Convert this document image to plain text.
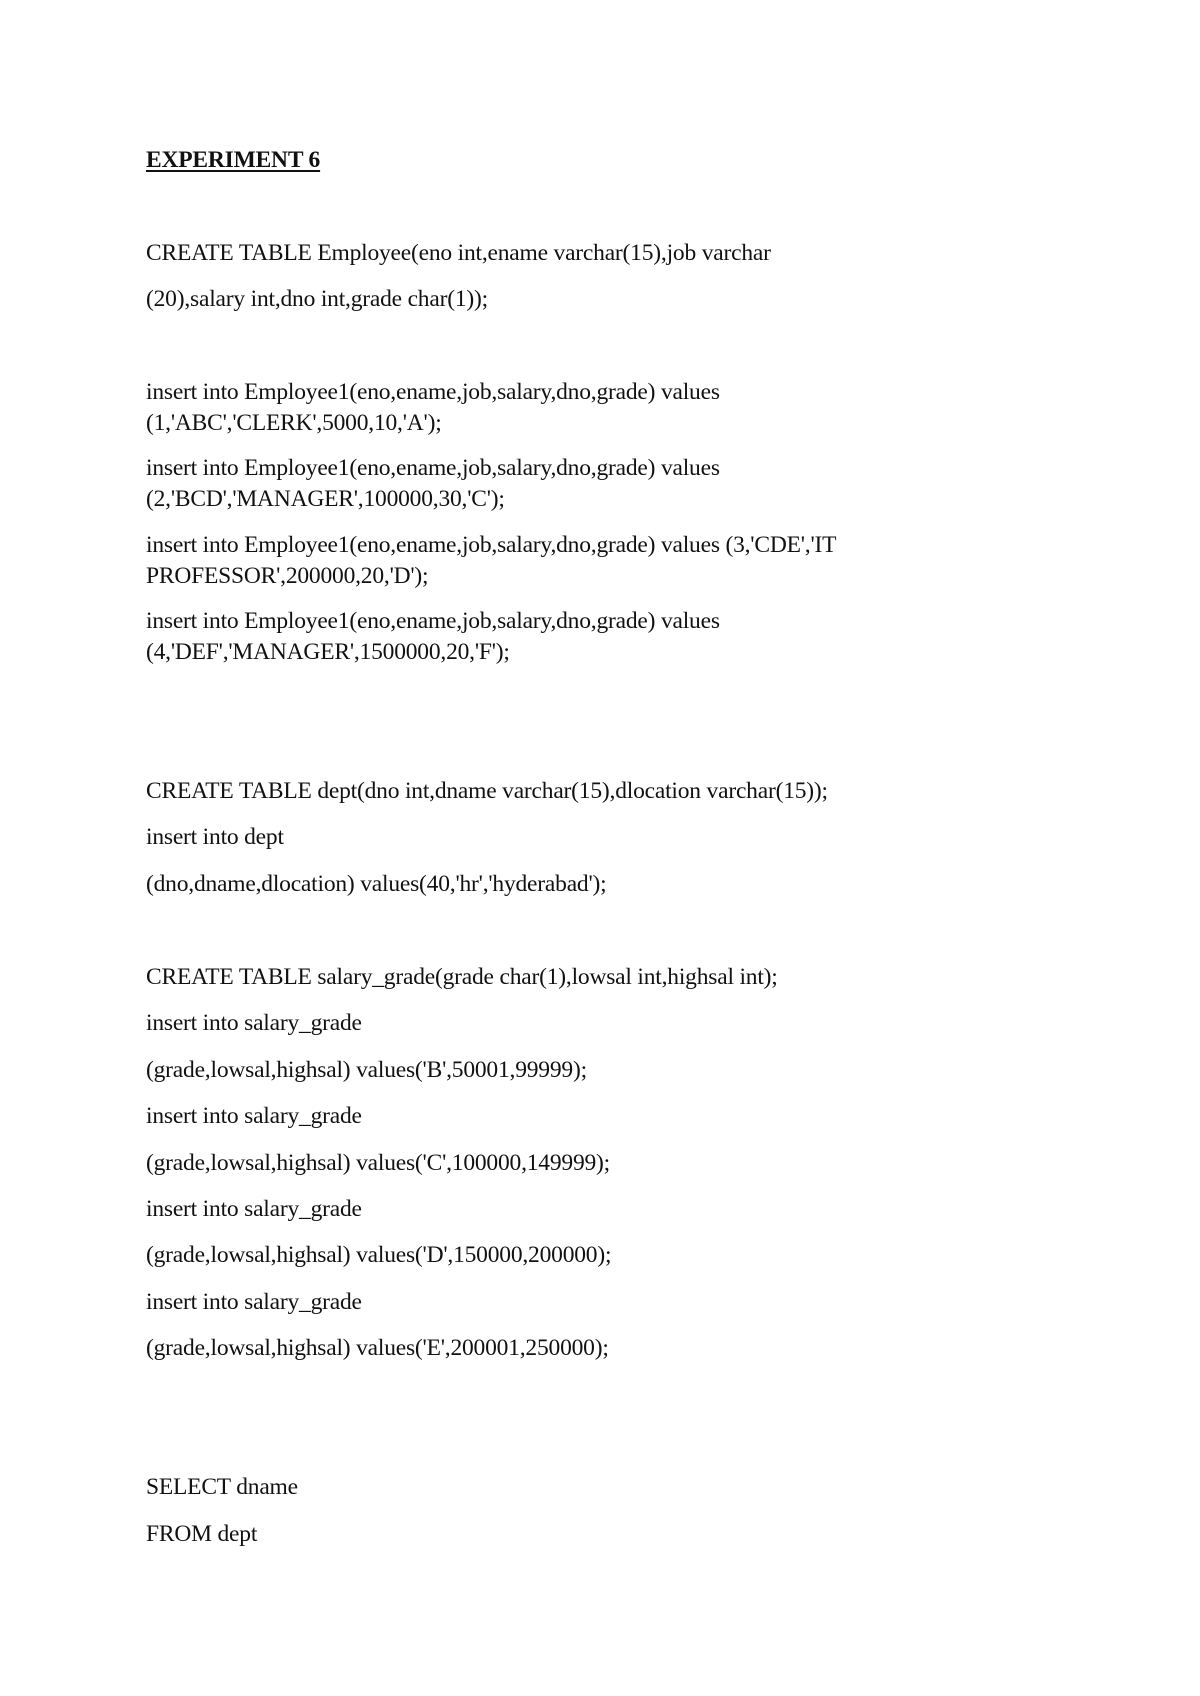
EXPERIMENT 6

CREATE TABLE Employee(eno int,ename varchar(15),job varchar

(20),salary int,dno int,grade char(1));

insert into Employee1(eno,ename,job,salary,dno,grade) values

(1,'ABC','CLERK',5000,10,'A');

insert into Employee1(eno,ename,job,salary,dno,grade) values

(2,'BCD','MANAGER',100000,30,'C');

insert into Employee1(eno,ename,job,salary,dno,grade) values (3,'CDE','IT

PROFESSOR',200000,20,'D');

insert into Employee1(eno,ename,job,salary,dno,grade) values

(4,'DEF','MANAGER',1500000,20,'F');

CREATE TABLE dept(dno int,dname varchar(15),dlocation varchar(15));

insert into dept

(dno,dname,dlocation) values(40,'hr','hyderabad');

CREATE TABLE salary_grade(grade char(1),lowsal int,highsal int);

insert into salary_grade

(grade,lowsal,highsal) values('B',50001,99999);

insert into salary_grade

(grade,lowsal,highsal) values('C',100000,149999);

insert into salary_grade

(grade,lowsal,highsal) values('D',150000,200000);

insert into salary_grade

(grade,lowsal,highsal) values('E',200001,250000);

SELECT dname

FROM dept
